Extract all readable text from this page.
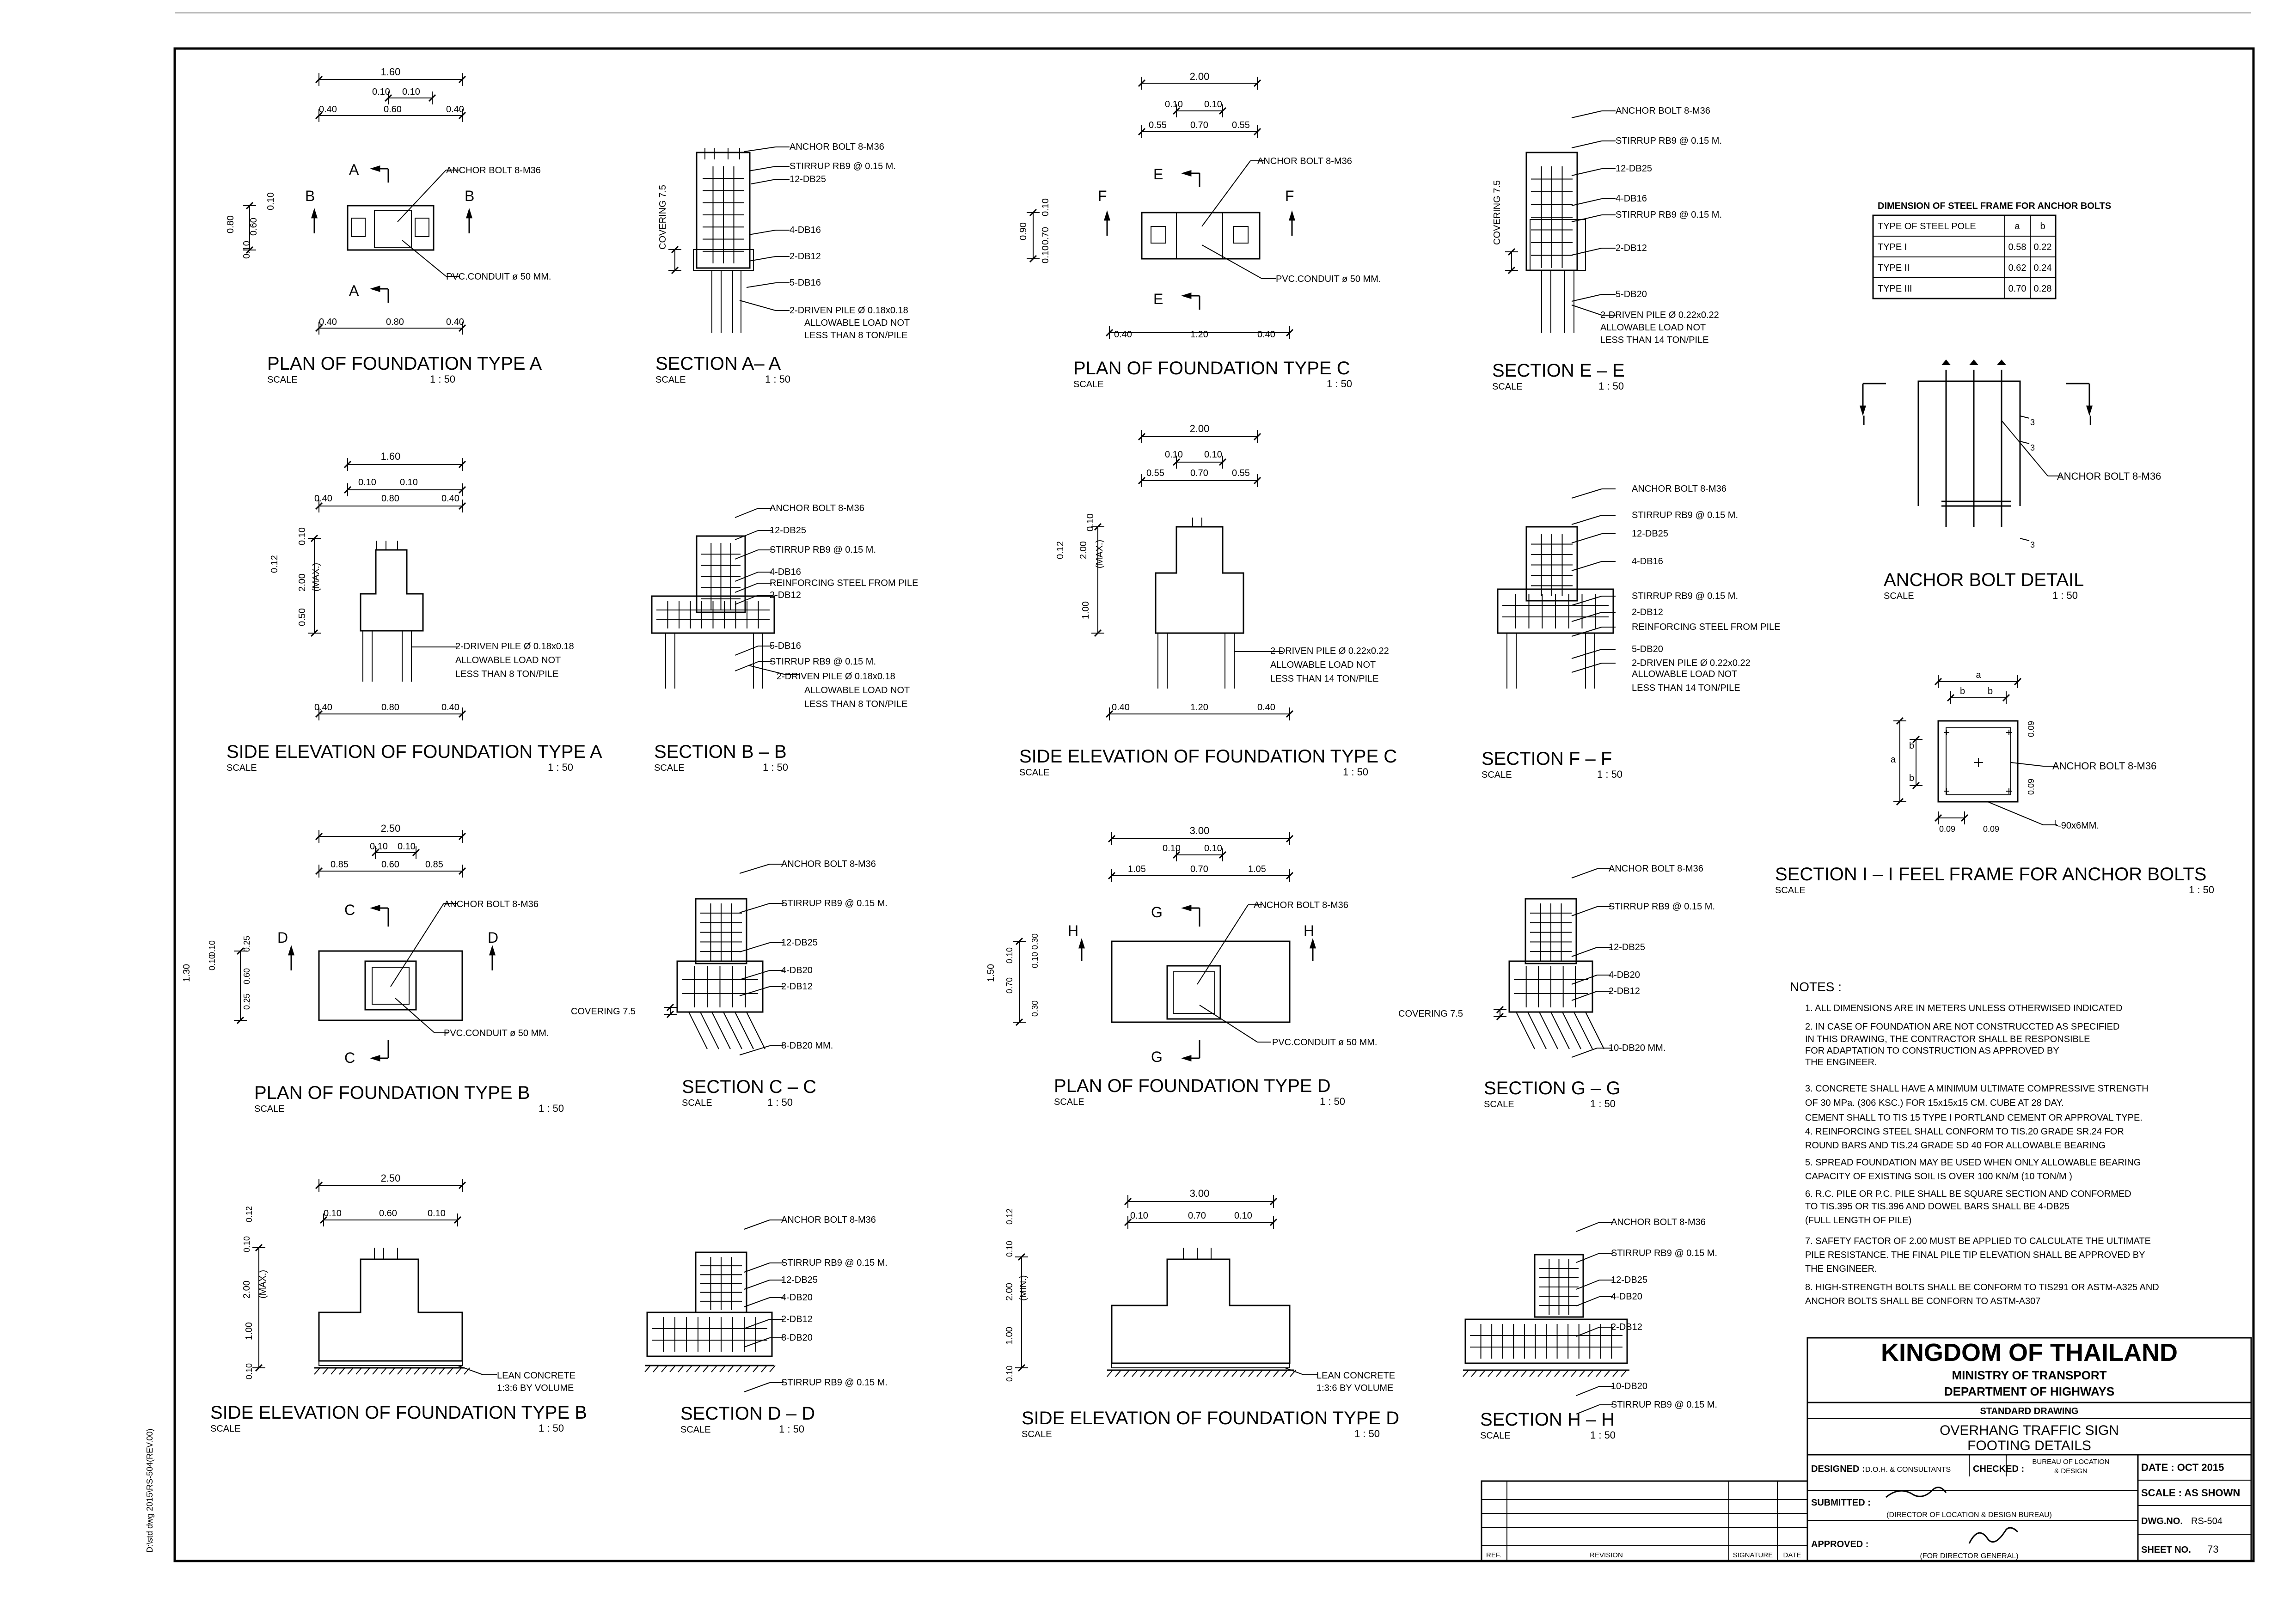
D:\std dwg 2015\RS-504(REV.00)
1.60
0.10 0.10
0.40	0.60	0.40
0.40	0.80	0.40
0.80 0.60
0.10
0.10
ANCHOR BOLT 8-M36
PVC.CONDUIT ø 50 MM.
A
A
B	B
PLAN OF FOUNDATION TYPE A
SCALE	1 : 50
ANCHOR BOLT 8-M36
STIRRUP RB9 @ 0.15 M.
12-DB25
4-DB16
2-DB12
5-DB16
2-DRIVEN PILE Ø 0.18x0.18
ALLOWABLE LOAD NOT
LESS THAN 8 TON/PILE
COVERING 7.5
SECTION A– A
SCALE	1 : 50
2.00
0.10 0.10
0.55	0.70	0.55
0.40	1.20	0.40
0.90
0.10
0.70
0.10
ANCHOR BOLT 8-M36
PVC.CONDUIT ø 50 MM.
E
E
F	F
PLAN OF FOUNDATION TYPE C
SCALE	1 : 50
ANCHOR BOLT 8-M36
STIRRUP RB9 @ 0.15 M.
12-DB25
4-DB16
STIRRUP RB9 @ 0.15 M.
2-DB12
5-DB20
2-DRIVEN PILE Ø 0.22x0.22
ALLOWABLE LOAD NOT
LESS THAN 14 TON/PILE
COVERING 7.5
SECTION E – E
SCALE	1 : 50
DIMENSION OF STEEL FRAME FOR ANCHOR BOLTS
TYPE OF STEEL POLE	a b
TYPE I	0.58 0.22
TYPE II	0.62 0.24
TYPE III	0.70 0.28
I	I
ANCHOR BOLT 8-M36
3
3
3
ANCHOR BOLT DETAIL
SCALE	1 : 50
a
b b
a
b
b
0.09
0.09
0.09	0.09
ANCHOR BOLT 8-M36
╰-90x6MM.
SECTION I – I FEEL FRAME FOR ANCHOR BOLTS
SCALE	1 : 50
1.60
0.10	0.10
0.40	0.80	0.40
0.40	0.80	0.40
0.12
2.00 (MAX.)
0.10
0.50
2-DRIVEN PILE Ø 0.18x0.18
ALLOWABLE LOAD NOT
LESS THAN 8 TON/PILE
SIDE ELEVATION OF FOUNDATION TYPE A
SCALE	1 : 50
ANCHOR BOLT 8-M36
12-DB25
STIRRUP RB9 @ 0.15 M.
4-DB16
REINFORCING STEEL FROM PILE
2-DB12
5-DB16
STIRRUP RB9 @ 0.15 M.
2-DRIVEN PILE Ø 0.18x0.18
ALLOWABLE LOAD NOT
LESS THAN 8 TON/PILE
SECTION B – B
SCALE	1 : 50
2.00
0.10 0.10
0.55	0.70	0.55
0.40	1.20	0.40
0.12 2.00 (MAX.)
0.10
1.00
2-DRIVEN PILE Ø 0.22x0.22
ALLOWABLE LOAD NOT
LESS THAN 14 TON/PILE
SIDE ELEVATION OF FOUNDATION TYPE C
SCALE	1 : 50
ANCHOR BOLT 8-M36
STIRRUP RB9 @ 0.15 M.
12-DB25
4-DB16
STIRRUP RB9 @ 0.15 M.
2-DB12
REINFORCING STEEL FROM PILE
5-DB20
2-DRIVEN PILE Ø 0.22x0.22
ALLOWABLE LOAD NOT
LESS THAN 14 TON/PILE
SECTION F – F
SCALE	1 : 50
2.50
0.10 0.10
0.85	0.60	0.85
1.30
0.10
0.10
0.25
0.60
0.25
ANCHOR BOLT 8-M36
PVC.CONDUIT ø 50 MM.
C
C
D	D
PLAN OF FOUNDATION TYPE B
SCALE	1 : 50
ANCHOR BOLT 8-M36
STIRRUP RB9 @ 0.15 M.
12-DB25
4-DB20
2-DB12
8-DB20 MM.
COVERING 7.5
SECTION C – C
SCALE	1 : 50
3.00
0.10	0.10
1.05	0.70	1.05
1.50
0.10
0.70
0.30
0.10
0.30
ANCHOR BOLT 8-M36
PVC.CONDUIT ø 50 MM.
G
G
H	H
PLAN OF FOUNDATION TYPE D
SCALE	1 : 50
ANCHOR BOLT 8-M36
STIRRUP RB9 @ 0.15 M.
12-DB25
4-DB20
2-DB12
10-DB20 MM.
COVERING 7.5
SECTION G – G
SCALE	1 : 50
2.50
0.10	0.60	0.10
0.10
2.00 (MAX.)
0.12
1.00
0.10	LEAN CONCRETE
1:3:6 BY VOLUME
SIDE ELEVATION OF FOUNDATION TYPE B
SCALE	1 : 50
ANCHOR BOLT 8-M36
STIRRUP RB9 @ 0.15 M.
12-DB25
4-DB20
2-DB12
8-DB20
STIRRUP RB9 @ 0.15 M.
SECTION D – D
SCALE	1 : 50
3.00
0.10	0.70	0.10
0.10
2.00 (MIN.)
0.12
1.00
0.10	LEAN CONCRETE
1:3:6 BY VOLUME
SIDE ELEVATION OF FOUNDATION TYPE D
SCALE	1 : 50
ANCHOR BOLT 8-M36
STIRRUP RB9 @ 0.15 M.
12-DB25
4-DB20
2-DB12
10-DB20
STIRRUP RB9 @ 0.15 M.
SECTION H – H
SCALE	1 : 50
NOTES :
1. ALL DIMENSIONS ARE IN METERS UNLESS OTHERWISED INDICATED
2. IN CASE OF FOUNDATION ARE NOT CONSTRUCCTED AS SPECIFIED
IN THIS DRAWING, THE CONTRACTOR SHALL BE RESPONSIBLE
FOR ADAPTATION TO CONSTRUCTION AS APPROVED BY
THE ENGINEER.
3. CONCRETE SHALL HAVE A MINIMUM ULTIMATE COMPRESSIVE STRENGTH
OF 30 MPa. (306 KSC.) FOR 15x15x15 CM. CUBE AT 28 DAY.
CEMENT SHALL TO TIS 15 TYPE I PORTLAND CEMENT OR APPROVAL TYPE.
4. REINFORCING STEEL SHALL CONFORM TO TIS.20 GRADE SR.24 FOR
ROUND BARS AND TIS.24 GRADE SD 40 FOR ALLOWABLE BEARING
5. SPREAD FOUNDATION MAY BE USED WHEN ONLY ALLOWABLE BEARING
CAPACITY OF EXISTING SOIL IS OVER 100 KN/M (10 TON/M )
6. R.C. PILE OR P.C. PILE SHALL BE SQUARE SECTION AND CONFORMED
TO TIS.395 OR TIS.396 AND DOWEL BARS SHALL BE 4-DB25
(FULL LENGTH OF PILE)
7. SAFETY FACTOR OF 2.00 MUST BE APPLIED TO CALCULATE THE ULTIMATE
PILE RESISTANCE. THE FINAL PILE TIP ELEVATION SHALL BE APPROVED BY
THE ENGINEER.
8. HIGH-STRENGTH BOLTS SHALL BE CONFORM TO TIS291 OR ASTM-A325 AND
ANCHOR BOLTS SHALL BE CONFORN TO ASTM-A307
KINGDOM OF THAILAND
MINISTRY OF TRANSPORT
DEPARTMENT OF HIGHWAYS
STANDARD DRAWING
OVERHANG TRAFFIC SIGN
FOOTING DETAILS
DESIGNED : D.O.H. & CONSULTANTS CHECKED :
BUREAU OF LOCATION
& DESIGN
SUBMITTED :
(DIRECTOR OF LOCATION & DESIGN BUREAU)
APPROVED :
(FOR DIRECTOR GENERAL)
DATE : OCT 2015
SCALE : AS SHOWN
DWG.NO. RS-504
SHEET NO. 73
REF.	REVISION	SIGNATURE DATE
